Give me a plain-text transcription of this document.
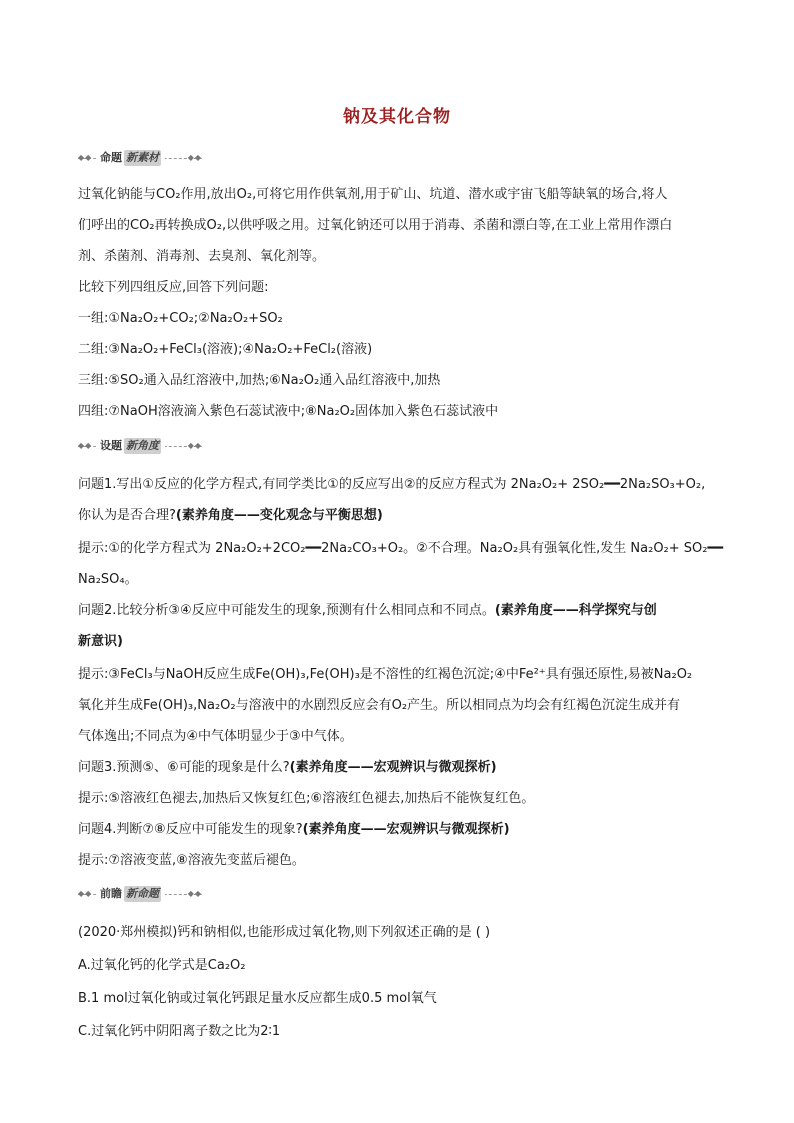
钠及其化合物
◆◆	◆◆
命题 新素材
过氧化钠能与CO₂作用,放出O₂,可将它用作供氧剂,用于矿山、坑道、潜水或宇宙飞船等缺氧的场合,将人
们呼出的CO₂再转换成O₂,以供呼吸之用。过氧化钠还可以用于消毒、杀菌和漂白等,在工业上常用作漂白
剂、杀菌剂、消毒剂、去臭剂、氧化剂等。
比较下列四组反应,回答下列问题:
一组:①Na₂O₂+CO₂;②Na₂O₂+SO₂
二组:③Na₂O₂+FeCl₃(溶液);④Na₂O₂+FeCl₂(溶液)
三组:⑤SO₂通入品红溶液中,加热;⑥Na₂O₂通入品红溶液中,加热
四组:⑦NaOH溶液滴入紫色石蕊试液中;⑧Na₂O₂固体加入紫色石蕊试液中
◆◆	◆◆
设题 新角度
问题1.写出①反应的化学方程式,有同学类比①的反应写出②的反应方程式为 2Na₂O₂+ 2SO₂━━2Na₂SO₃+O₂,
你认为是否合理?(素养角度——变化观念与平衡思想)
提示:①的化学方程式为 2Na₂O₂+2CO₂━━2Na₂CO₃+O₂。②不合理。Na₂O₂具有强氧化性,发生 Na₂O₂+ SO₂━━
Na₂SO₄。
问题2.比较分析③④反应中可能发生的现象,预测有什么相同点和不同点。(素养角度——科学探究与创
新意识)
提示:③FeCl₃与NaOH反应生成Fe(OH)₃,Fe(OH)₃是不溶性的红褐色沉淀;④中Fe²⁺具有强还原性,易被Na₂O₂
氧化并生成Fe(OH)₃,Na₂O₂与溶液中的水剧烈反应会有O₂产生。所以相同点为均会有红褐色沉淀生成并有
气体逸出;不同点为④中气体明显少于③中气体。
问题3.预测⑤、⑥可能的现象是什么?(素养角度——宏观辨识与微观探析)
提示:⑤溶液红色褪去,加热后又恢复红色;⑥溶液红色褪去,加热后不能恢复红色。
问题4.判断⑦⑧反应中可能发生的现象?(素养角度——宏观辨识与微观探析)
提示:⑦溶液变蓝,⑧溶液先变蓝后褪色。
◆◆	◆◆
前瞻 新命题
(2020·郑州模拟)钙和钠相似,也能形成过氧化物,则下列叙述正确的是 ( )
A.过氧化钙的化学式是Ca₂O₂
B.1 mol过氧化钠或过氧化钙跟足量水反应都生成0.5 mol氧气
C.过氧化钙中阴阳离子数之比为2∶1
